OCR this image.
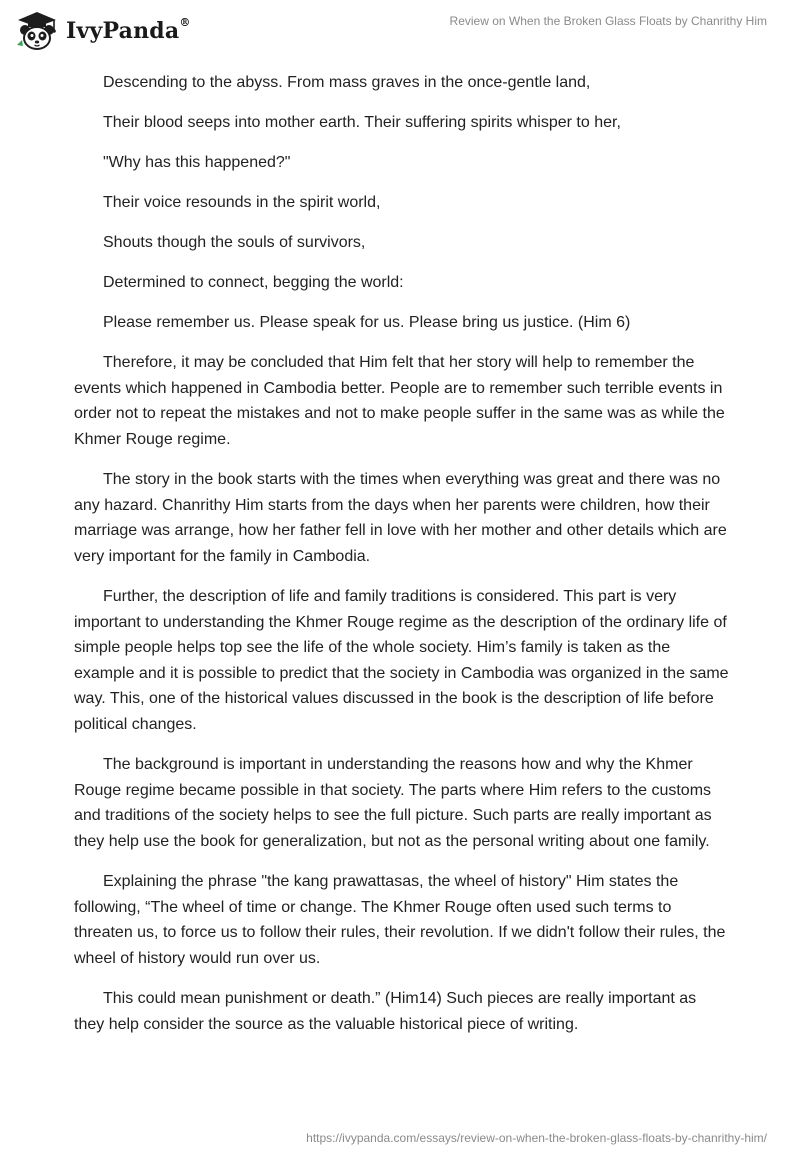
IvyPanda®	Review on When the Broken Glass Floats by Chanrithy Him

Descending to the abyss. From mass graves in the once-gentle land,

Their blood seeps into mother earth. Their suffering spirits whisper to her,

"Why has this happened?"

Their voice resounds in the spirit world,

Shouts though the souls of survivors,

Determined to connect, begging the world:

Please remember us. Please speak for us. Please bring us justice. (Him 6)

Therefore, it may be concluded that Him felt that her story will help to remember the events which happened in Cambodia better. People are to remember such terrible events in order not to repeat the mistakes and not to make people suffer in the same was as while the Khmer Rouge regime.

The story in the book starts with the times when everything was great and there was no any hazard. Chanrithy Him starts from the days when her parents were children, how their marriage was arrange, how her father fell in love with her mother and other details which are very important for the family in Cambodia.

Further, the description of life and family traditions is considered. This part is very important to understanding the Khmer Rouge regime as the description of the ordinary life of simple people helps top see the life of the whole society. Him’s family is taken as the example and it is possible to predict that the society in Cambodia was organized in the same way. This, one of the historical values discussed in the book is the description of life before political changes.

The background is important in understanding the reasons how and why the Khmer Rouge regime became possible in that society. The parts where Him refers to the customs and traditions of the society helps to see the full picture. Such parts are really important as they help use the book for generalization, but not as the personal writing about one family.

Explaining the phrase "the kang prawattasas, the wheel of history" Him states the following, “The wheel of time or change. The Khmer Rouge often used such terms to threaten us, to force us to follow their rules, their revolution. If we didn't follow their rules, the wheel of history would run over us.

This could mean punishment or death.” (Him14) Such pieces are really important as they help consider the source as the valuable historical piece of writing.

https://ivypanda.com/essays/review-on-when-the-broken-glass-floats-by-chanrithy-him/
